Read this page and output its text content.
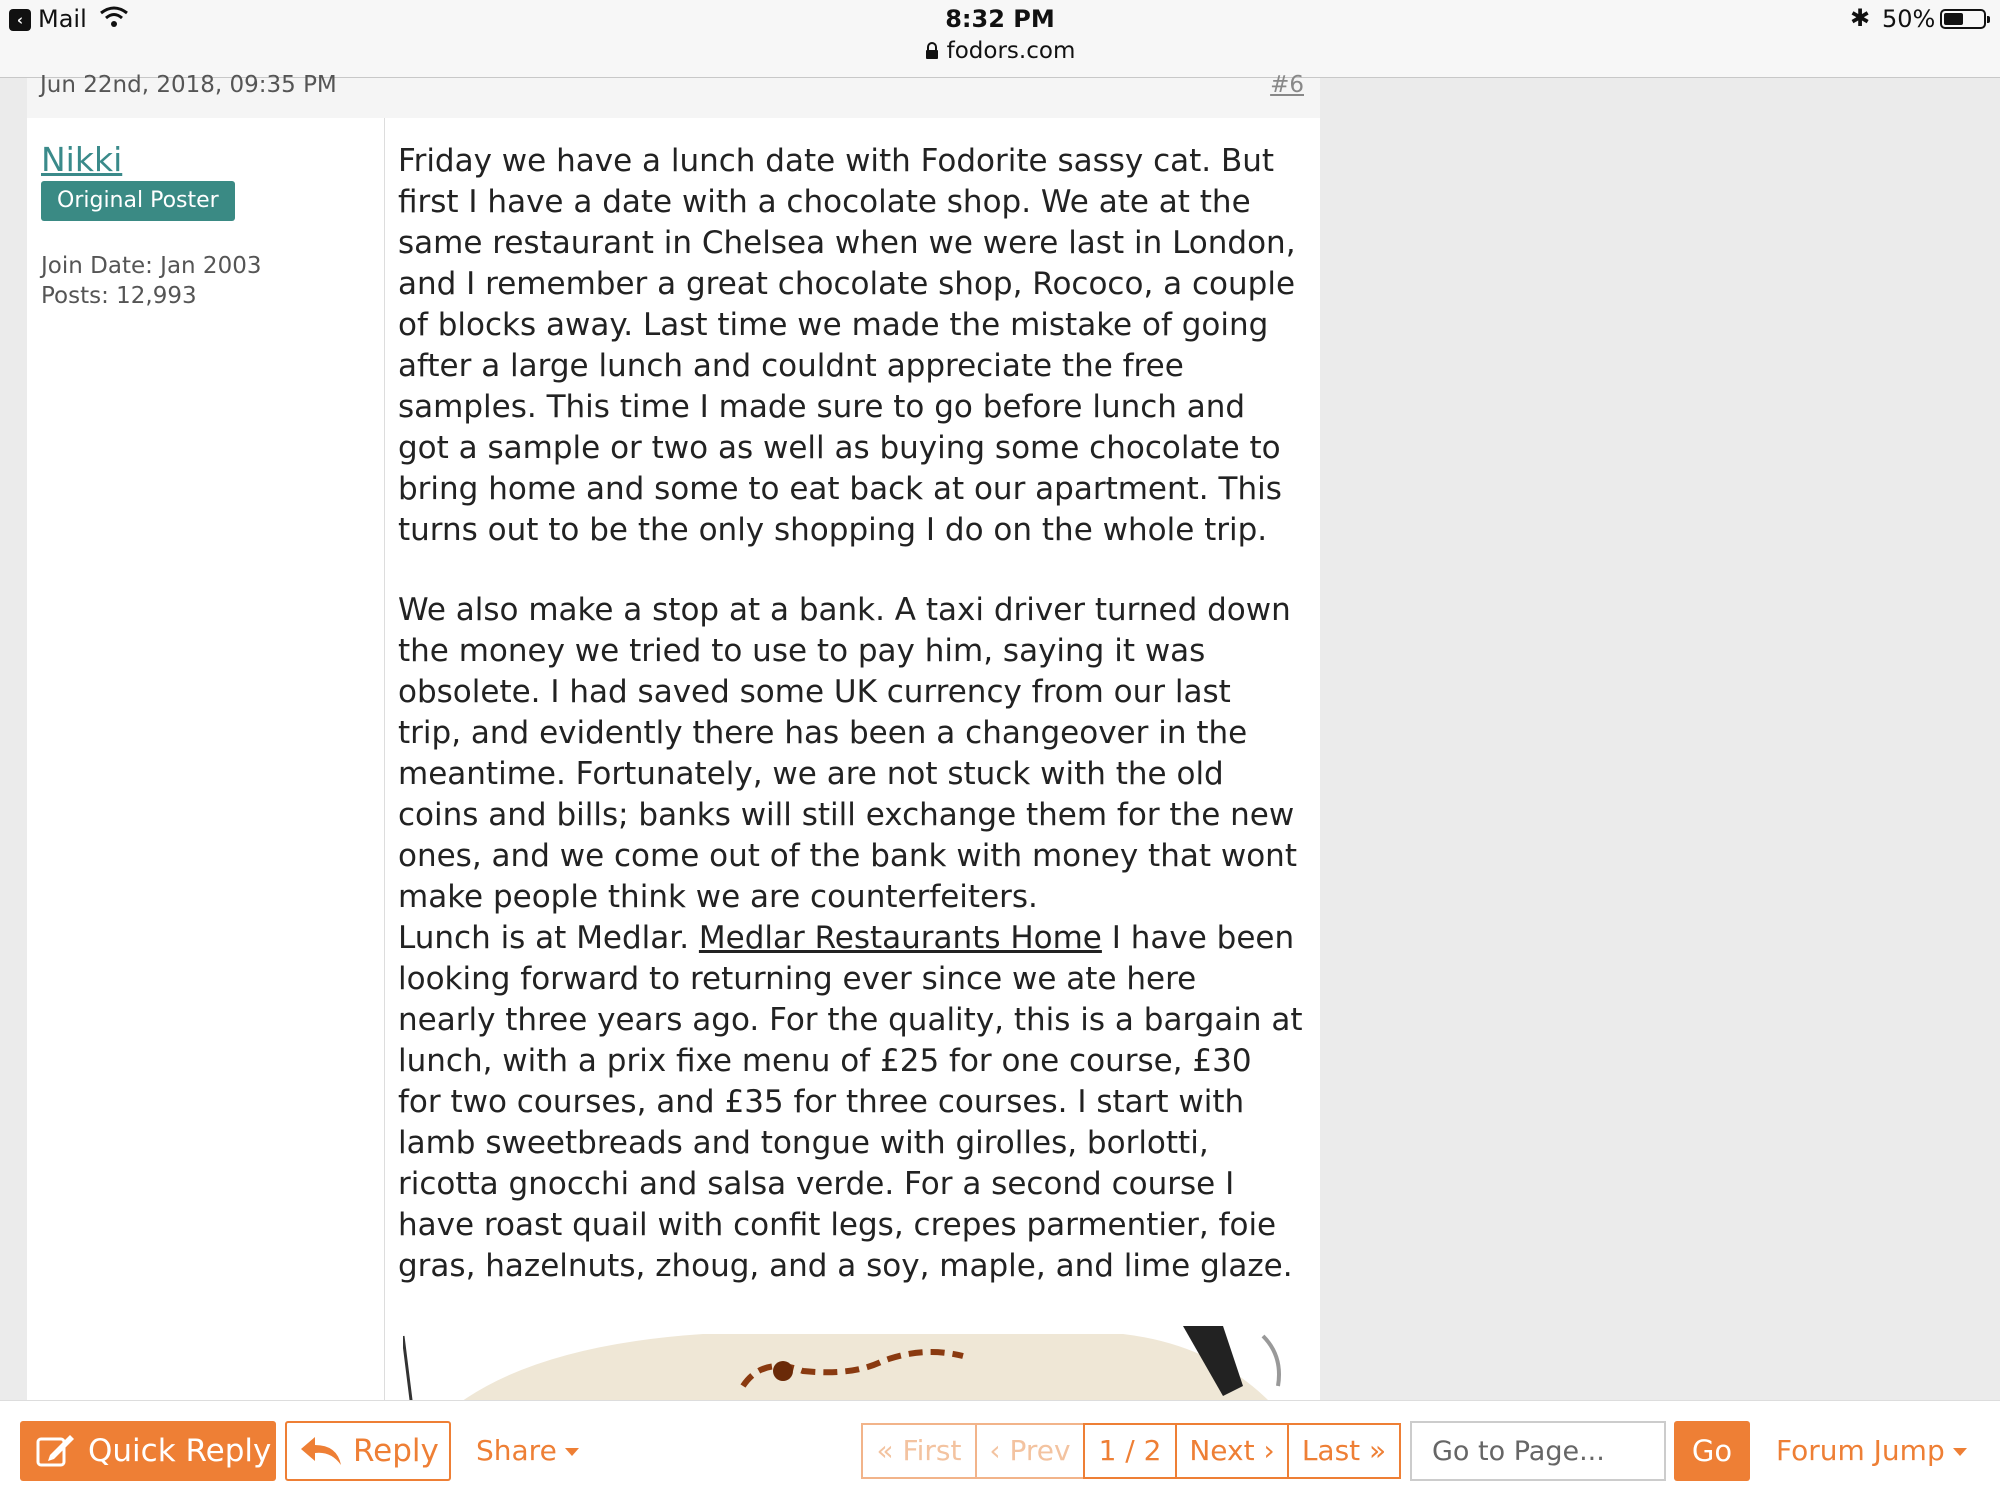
‹ Mail	8:32 PM
fodors.com
✱ 50%
Jun 22nd, 2018, 09:35 PM	#6
Nikki
Original Poster
Join Date: Jan 2003
Posts: 12,993

Friday we have a lunch date with Fodorite sassy cat. But first I have a date with a chocolate shop. We ate at the same restaurant in Chelsea when we were last in London, and I remember a great chocolate shop, Rococo, a couple of blocks away. Last time we made the mistake of going after a large lunch and couldnt appreciate the free samples. This time I made sure to go before lunch and got a sample or two as well as buying some chocolate to bring home and some to eat back at our apartment. This turns out to be the only shopping I do on the whole trip.

We also make a stop at a bank. A taxi driver turned down the money we tried to use to pay him, saying it was obsolete. I had saved some UK currency from our last trip, and evidently there has been a changeover in the meantime. Fortunately, we are not stuck with the old coins and bills; banks will still exchange them for the new ones, and we come out of the bank with money that wont make people think we are counterfeiters.

Lunch is at Medlar. Medlar Restaurants Home I have been looking forward to returning ever since we ate here nearly three years ago. For the quality, this is a bargain at lunch, with a prix fixe menu of £25 for one course, £30 for two courses, and £35 for three courses. I start with lamb sweetbreads and tongue with girolles, borlotti, ricotta gnocchi and salsa verde. For a second course I have roast quail with confit legs, crepes parmentier, foie gras, hazelnuts, zhoug, and a soy, maple, and lime glaze.

Quick Reply	Reply Share	« First ‹ Prev 1 / 2 Next › Last »
Go to Page...	Go	Forum Jump
